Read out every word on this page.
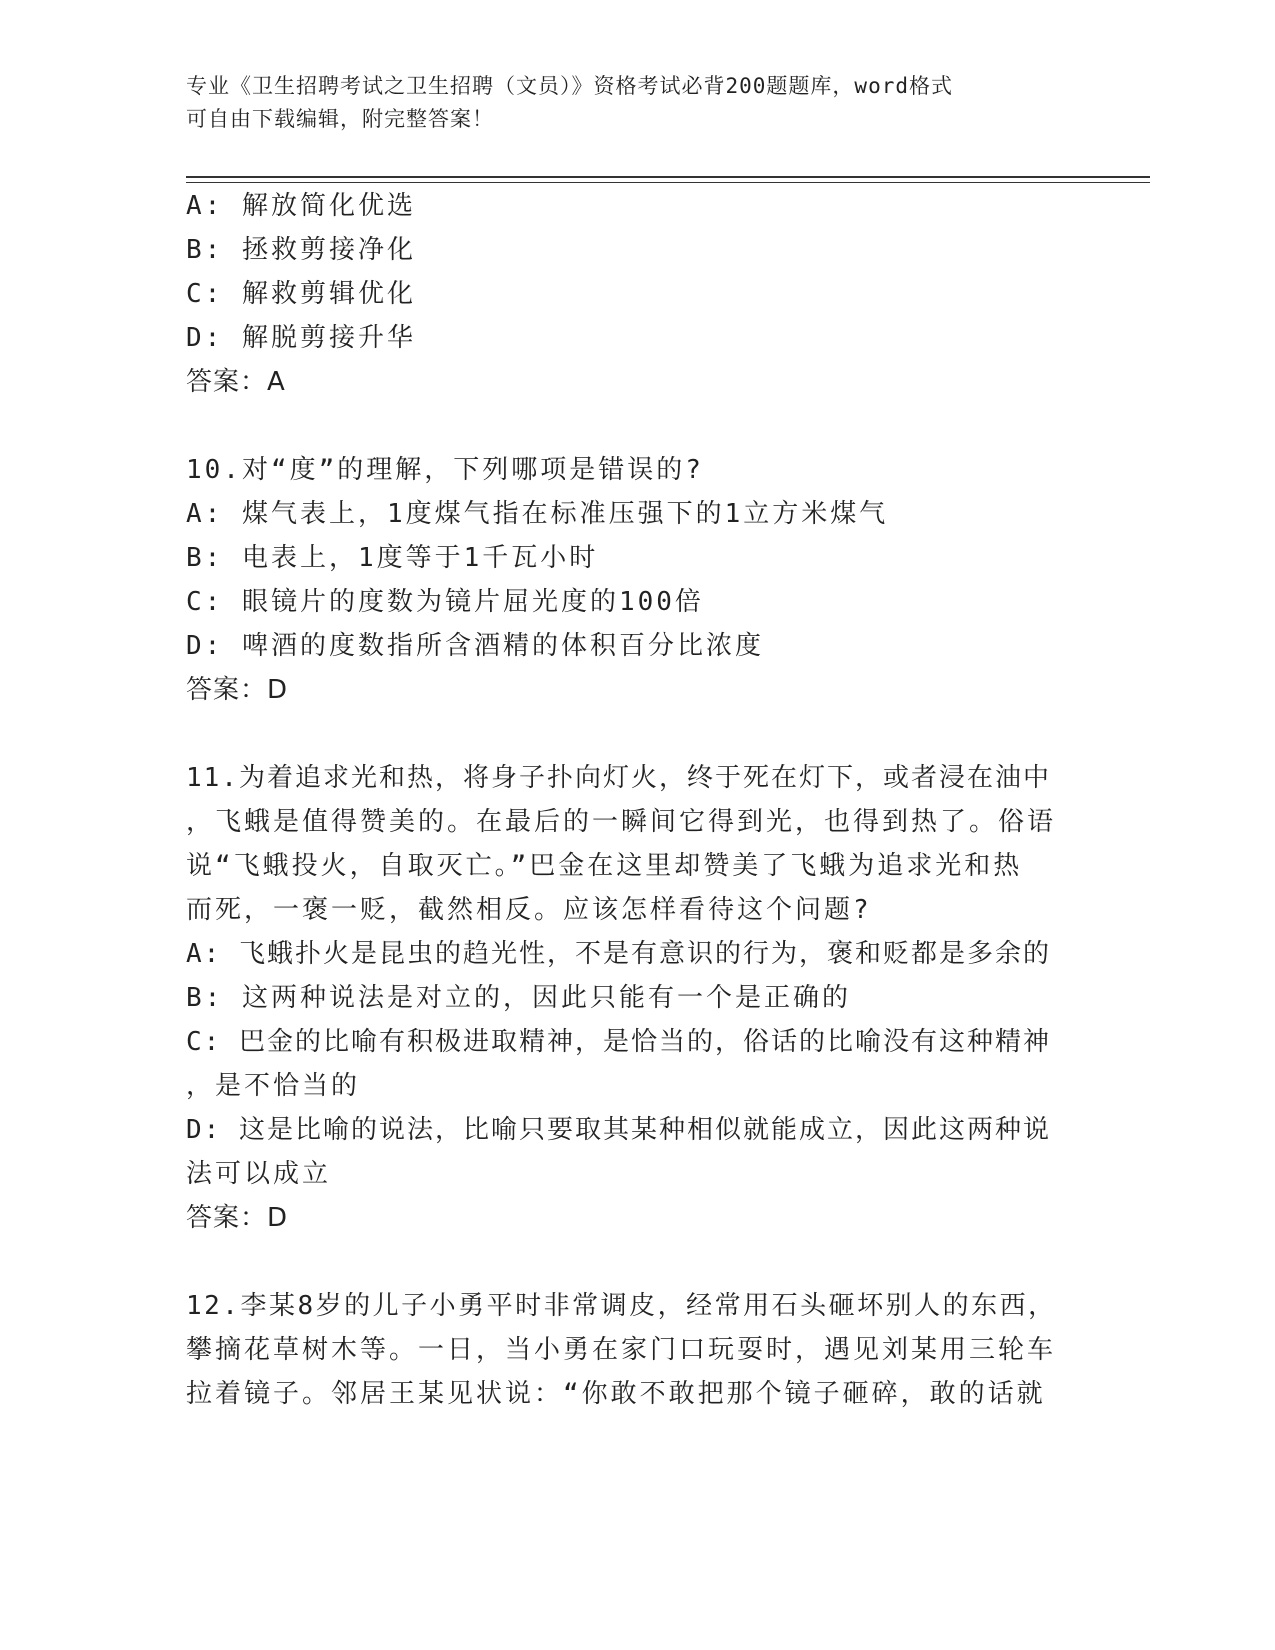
专业《卫生招聘考试之卫生招聘（文员）》资格考试必背200题题库，word格式
可自由下载编辑，附完整答案！
A: 解放简化优选
B: 拯救剪接净化
C: 解救剪辑优化
D: 解脱剪接升华
答案：A
10.对“度”的理解，下列哪项是错误的?
A: 煤气表上，1度煤气指在标准压强下的1立方米煤气
B: 电表上，1度等于1千瓦小时
C: 眼镜片的度数为镜片屈光度的100倍
D: 啤酒的度数指所含酒精的体积百分比浓度
答案：D
11.为着追求光和热，将身子扑向灯火，终于死在灯下，或者浸在油中
，飞蛾是值得赞美的。在最后的一瞬间它得到光，也得到热了。俗语
说“飞蛾投火，自取灭亡。”巴金在这里却赞美了飞蛾为追求光和热
而死，一褒一贬，截然相反。应该怎样看待这个问题?
A: 飞蛾扑火是昆虫的趋光性，不是有意识的行为，褒和贬都是多余的
B: 这两种说法是对立的，因此只能有一个是正确的
C: 巴金的比喻有积极进取精神，是恰当的，俗话的比喻没有这种精神
，是不恰当的
D: 这是比喻的说法，比喻只要取其某种相似就能成立，因此这两种说
法可以成立
答案：D
12.李某8岁的儿子小勇平时非常调皮，经常用石头砸坏别人的东西，
攀摘花草树木等。一日，当小勇在家门口玩耍时，遇见刘某用三轮车
拉着镜子。邻居王某见状说：“你敢不敢把那个镜子砸碎，敢的话就
